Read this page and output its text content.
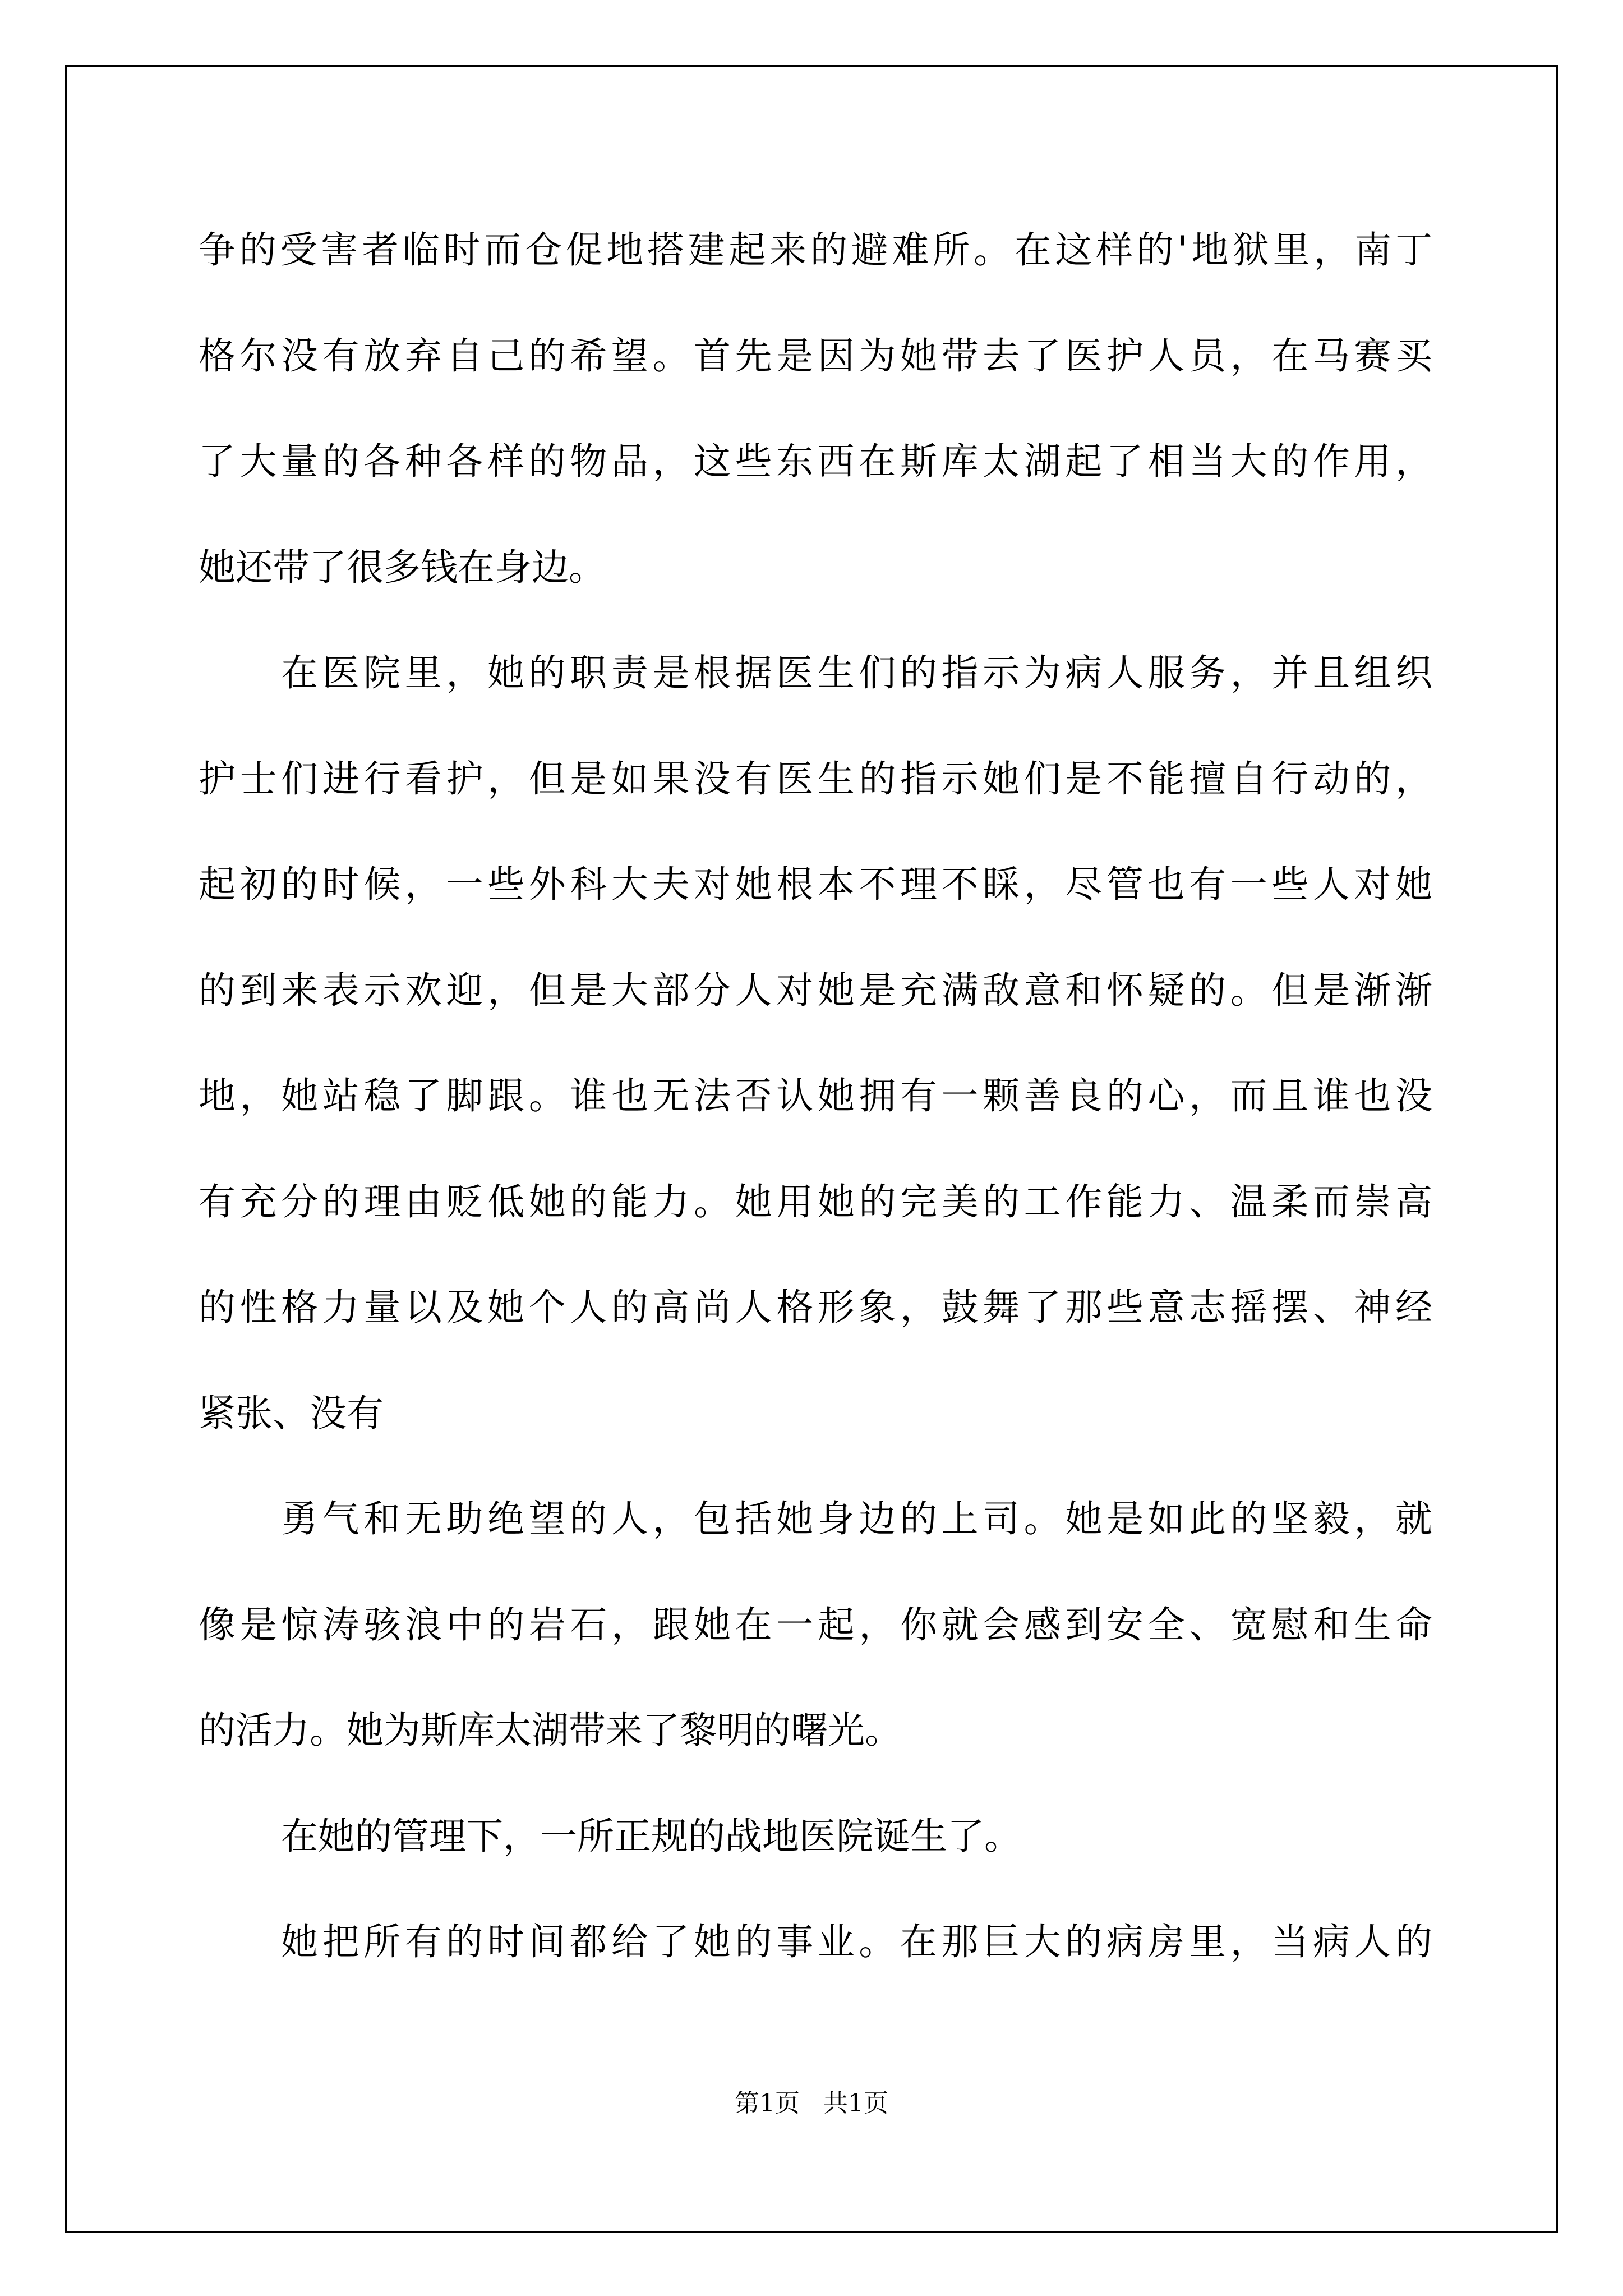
争的受害者临时而仓促地搭建起来的避难所。在这样的'地狱里，南丁
格尔没有放弃自己的希望。首先是因为她带去了医护人员，在马赛买
了大量的各种各样的物品，这些东西在斯库太湖起了相当大的作用，
她还带了很多钱在身边。
在医院里，她的职责是根据医生们的指示为病人服务，并且组织
护士们进行看护，但是如果没有医生的指示她们是不能擅自行动的，
起初的时候，一些外科大夫对她根本不理不睬，尽管也有一些人对她
的到来表示欢迎，但是大部分人对她是充满敌意和怀疑的。但是渐渐
地，她站稳了脚跟。谁也无法否认她拥有一颗善良的心，而且谁也没
有充分的理由贬低她的能力。她用她的完美的工作能力、温柔而崇高
的性格力量以及她个人的高尚人格形象，鼓舞了那些意志摇摆、神经
紧张、没有
勇气和无助绝望的人，包括她身边的上司。她是如此的坚毅，就
像是惊涛骇浪中的岩石，跟她在一起，你就会感到安全、宽慰和生命
的活力。她为斯库太湖带来了黎明的曙光。
在她的管理下，一所正规的战地医院诞生了。
她把所有的时间都给了她的事业。在那巨大的病房里，当病人的
第1页   共1页
